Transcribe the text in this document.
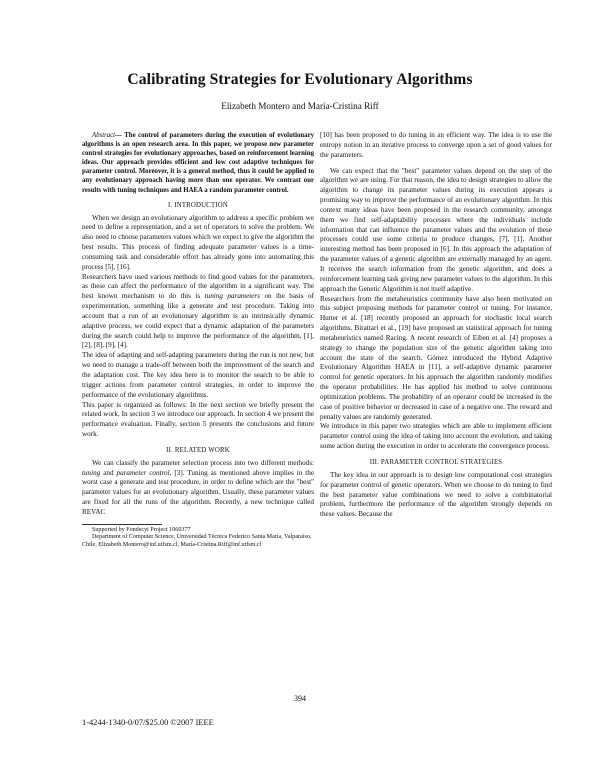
Calibrating Strategies for Evolutionary Algorithms
Elizabeth Montero and María-Cristina Riff

Abstract— The control of parameters during the execution of evolutionary algorithms is an open research area. In this paper, we propose new parameter control strategies for evolutionary approaches, based on reinforcement learning ideas. Our approach provides efficient and low cost adaptive techniques for parameter control. Moreover, it is a general method, thus it could be applied to any evolutionary approach having more than one operator. We contrast our results with tuning techniques and HAEA a random parameter control.

I. INTRODUCTION

When we design an evolutionary algorithm to address a specific problem we need to define a representation, and a set of operators to solve the problem. We also need to choose parameters values which we expect to give the algorithm the best results. This process of finding adequate parameter values is a time-consuming task and considerable effort has already gone into automating this process [5], [16].

Researchers have used various methods to find good values for the parameters, as these can affect the performance of the algorithm in a significant way. The best known mechanism to do this is tuning parameters on the basis of experimentation, something like a generate and test procedure. Taking into account that a run of an evolutionary algorithm is an intrinsically dynamic adaptive process, we could expect that a dynamic adaptation of the parameters during the search could help to improve the performance of the algorithm, [1], [2], [8], [9], [4].

The idea of adapting and self-adapting parameters during the run is not new, but we need to manage a trade-off between both the improvement of the search and the adaptation cost. The key idea here is to monitor the search to be able to trigger actions from parameter control strategies, in order to improve the performance of the evolutionary algorithms.

This paper is organized as follows: In the next section we briefly present the related work. In section 3 we introduce our approach. In section 4 we present the performance evaluation. Finally, section 5 presents the conclusions and future work.

II. RELATED WORK

We can classify the parameter selection process into two different methods: tuning and parameter control, [3]. Tuning as mentioned above implies in the worst case a generate and test procedure, in order to define which are the "best" parameter values for an evolutionary algorithm. Usually, these parameter values are fixed for all the runs of the algorithm. Recently, a new technique called REVAC

Supported by Fondecyt Project 1060377

Department of Computer Science, Universidad Técnica Federico Santa María, Valparaíso, Chile, Elizabeth.Montero@inf.utfsm.cl, María-Cristina.Riff@inf.utfsm.cl

[10] has been proposed to do tuning in an efficient way. The idea is to use the entropy notion in an iterative process to converge upon a set of good values for the parameters.

We can expect that the "best" parameter values depend on the step of the algorithm we are using. For that reason, the idea to design strategies to allow the algorithm to change its parameter values during its execution appears a promising way to improve the performance of an evolutionary algorithm. In this context many ideas have been proposed in the research community, amongst them we find self-adaptability processes where the individuals include information that can influence the parameter values and the evolution of these processes could use some criteria to produce changes, [7], [1]. Another interesting method has been proposed in [6]. In this approach the adaptation of the parameter values of a genetic algorithm are externally managed by an agent. It receives the search information from the genetic algorithm, and does a reinforcement learning task giving new parameter values to the algorithm. In this approach the Genetic Algorithm is not itself adaptive.

Researchers from the metaheuristics community have also been motivated on this subject proposing methods for parameter control or tuning. For instance, Hutter et al. [18] recently proposed an approach for stochastic local search algorithms. Birattari et al., [19] have proposed an statistical approach for tuning metaheuristics named Racing. A recent research of Eiben et al. [4] proposes a strategy to change the population size of the genetic algorithm taking into account the state of the search. Gómez introduced the Hybrid Adaptive Evolutionary Algorithm HAEA in [11], a self-adaptive dynamic parameter control for genetic operators. In his approach the algorithm randomly modifies the operator probabilities. He has applied his method to solve continuous optimization problems. The probability of an operator could be increased in the case of positive behavior or decreased in case of a negative one. The reward and penalty values are randomly generated.

We introduce in this paper two strategies which are able to implement efficient parameter control using the idea of taking into account the evolution, and taking some action during the execution in order to accelerate the convergence process.

III. PARAMETER CONTROL STRATEGIES

The key idea in our approach is to design low computational cost strategies for parameter control of genetic operators. When we choose to do tuning to find the best parameter value combinations we need to solve a combinatorial problem, furthermore the performance of the algorithm strongly depends on these values. Because the

394
1-4244-1340-0/07/$25.00 ©2007 IEEE
